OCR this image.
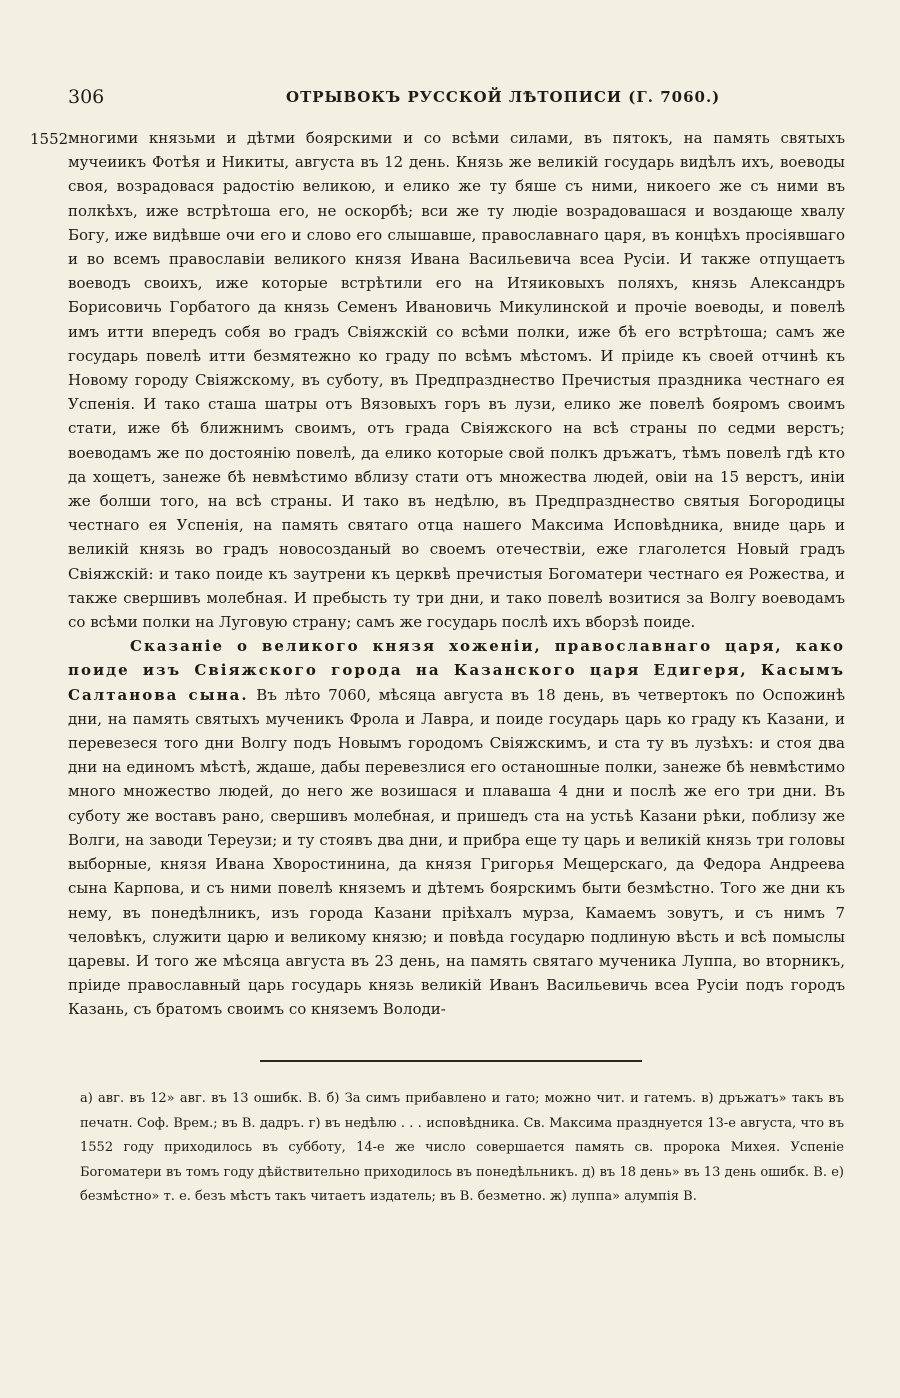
306	ОТРЫВОКЪ РУССКОЙ ЛѢТОПИСИ (Г. 7060.)
1552 многими князьми и дѣтми боярскими и со всѣми силами, въ пятокъ, на память святыхъ мучеиикъ Фотѣя и Никиты, августа въ 12 день. Князь же великій государь видѣлъ ихъ, воеводы своя, возрадовася радостію великою, и елико же ту бяше съ ними, никоего же съ ними въ полкѣхъ, иже встрѣтоша его, не оскорбѣ; вси же ту людіе возрадовашася и воздающе хвалу Богу, иже видѣвше очи его и слово его слышавше, православнаго царя, въ концѣхъ просіявшаго и во всемъ православіи великого князя Ивана Васильевича всеа Русіи. И также отпущаетъ воеводъ своихъ, иже которые встрѣтили его на Итяиковыхъ поляхъ, князь Александръ Борисовичь Горбатого да князь Семенъ Ивановичь Микулинской и прочіе воеводы, и повелѣ имъ итти впередъ собя во градъ Свіяжскій со всѣми полки, иже бѣ его встрѣтоша; самъ же государь повелѣ итти безмятежно ко граду по всѣмъ мѣстомъ. И пріиде къ своей отчинѣ къ Новому городу Свіяжскому, въ суботу, въ Предпразднество Пречистыя праздника честнаго ея Успенія. И тако сташа шатры отъ Вязовыхъ горъ въ лузи, елико же повелѣ бояромъ своимъ стати, иже бѣ ближнимъ своимъ, отъ града Свіяжского на вcѣ страны по седми верстъ; воеводамъ же по достоянію повелѣ, да елико которые свой полкъ дръжатъ, тѣмъ повелѣ гдѣ кто да хощетъ, занеже бѣ невмѣстимо вблизу стати отъ множества людей, овіи на 15 верстъ, иніи же болши того, на всѣ страны. И тако въ недѣлю, въ Предпразднество святыя Богородицы честнаго ея Успенія, на память святаго отца нашего Максима Исповѣдника, вниде царь и великій князь во градъ новосозданый во своемъ отечествіи, еже глаголется Новый градъ Свіяжскій: и тако поиде къ заутрени къ церквѣ пречистыя Богоматери честнаго ея Рожества, и также свершивъ молебная. И пребысть ту три дни, и тако повелѣ возитися за Волгу воеводамъ со всѣми полки на Луговую страну; самъ же государь послѣ ихъ вборзѣ поиде.

Сказаніе о великого князя хоженіи, православнаго царя, како поиде изъ Свіяжского города на Казанского царя Едигеря, Касымъ Салтанова сына. Въ лѣто 7060, мѣсяца августа въ 18 день, въ четвертокъ по Оспожинѣ дни, на память святыхъ мученикъ Фрола и Лавра, и поиде государь царь ко граду къ Казани, и перевезеся того дни Волгу подъ Новымъ городомъ Свіяжскимъ, и ста ту въ лузѣхъ: и стоя два дни на единомъ мѣстѣ, ждаше, дабы перевезлися его останошные полки, занеже бѣ невмѣстимо много множество людей, до него же возишася и плаваша 4 дни и послѣ же его три дни. Въ суботу же воставъ рано, свершивъ молебная, и пришедъ ста на устьѣ Казани рѣки, поблизу же Волги, на заводи Тереузи; и ту стоявъ два дни, и прибра еще ту царь и великій князь три головы выборные, князя Ивана Хворостинина, да князя Григорья Мещерскаго, да Федора Андреева сына Карпова, и съ ними повелѣ княземъ и дѣтемъ боярскимъ быти безмѣстно. Того же дни къ нему, въ понедѣлникъ, изъ города Казани пріѣхалъ мурза, Камаемъ зовутъ, и съ нимъ 7 человѣкъ, служити царю и великому князю; и повѣда государю подлиную вѣсть и всѣ помыслы царевы. И того же мѣсяца августа въ 23 день, на память святаго мученика Луппа, во вторникъ, пріиде православный царь государь князь великій Иванъ Васильевичь всеа Русіи подъ городъ Казань, съ братомъ своимъ со княземъ Володи-

а) авг. въ 12» авг. въ 13 ошибк. В. б) За симъ прибавлено и гато; можно чит. и гатемъ. в) дръжатъ» такъ въ печатн. Соф. Врем.; въ В. дадръ. г) въ недѣлю . . . исповѣдника. Св. Максима празднуется 13-е августа, что въ 1552 году приходилось въ субботу, 14-е же число совершается память св. пророка Михея. Успеніе Богоматери въ томъ году дѣйствительно приходилось въ понедѣльникъ. д) въ 18 день» въ 13 день ошибк. В. е) безмѣстно» т. е. безъ мѣстъ такъ читаетъ издатель; въ В. безметно. ж) луппа» алумпія В.
